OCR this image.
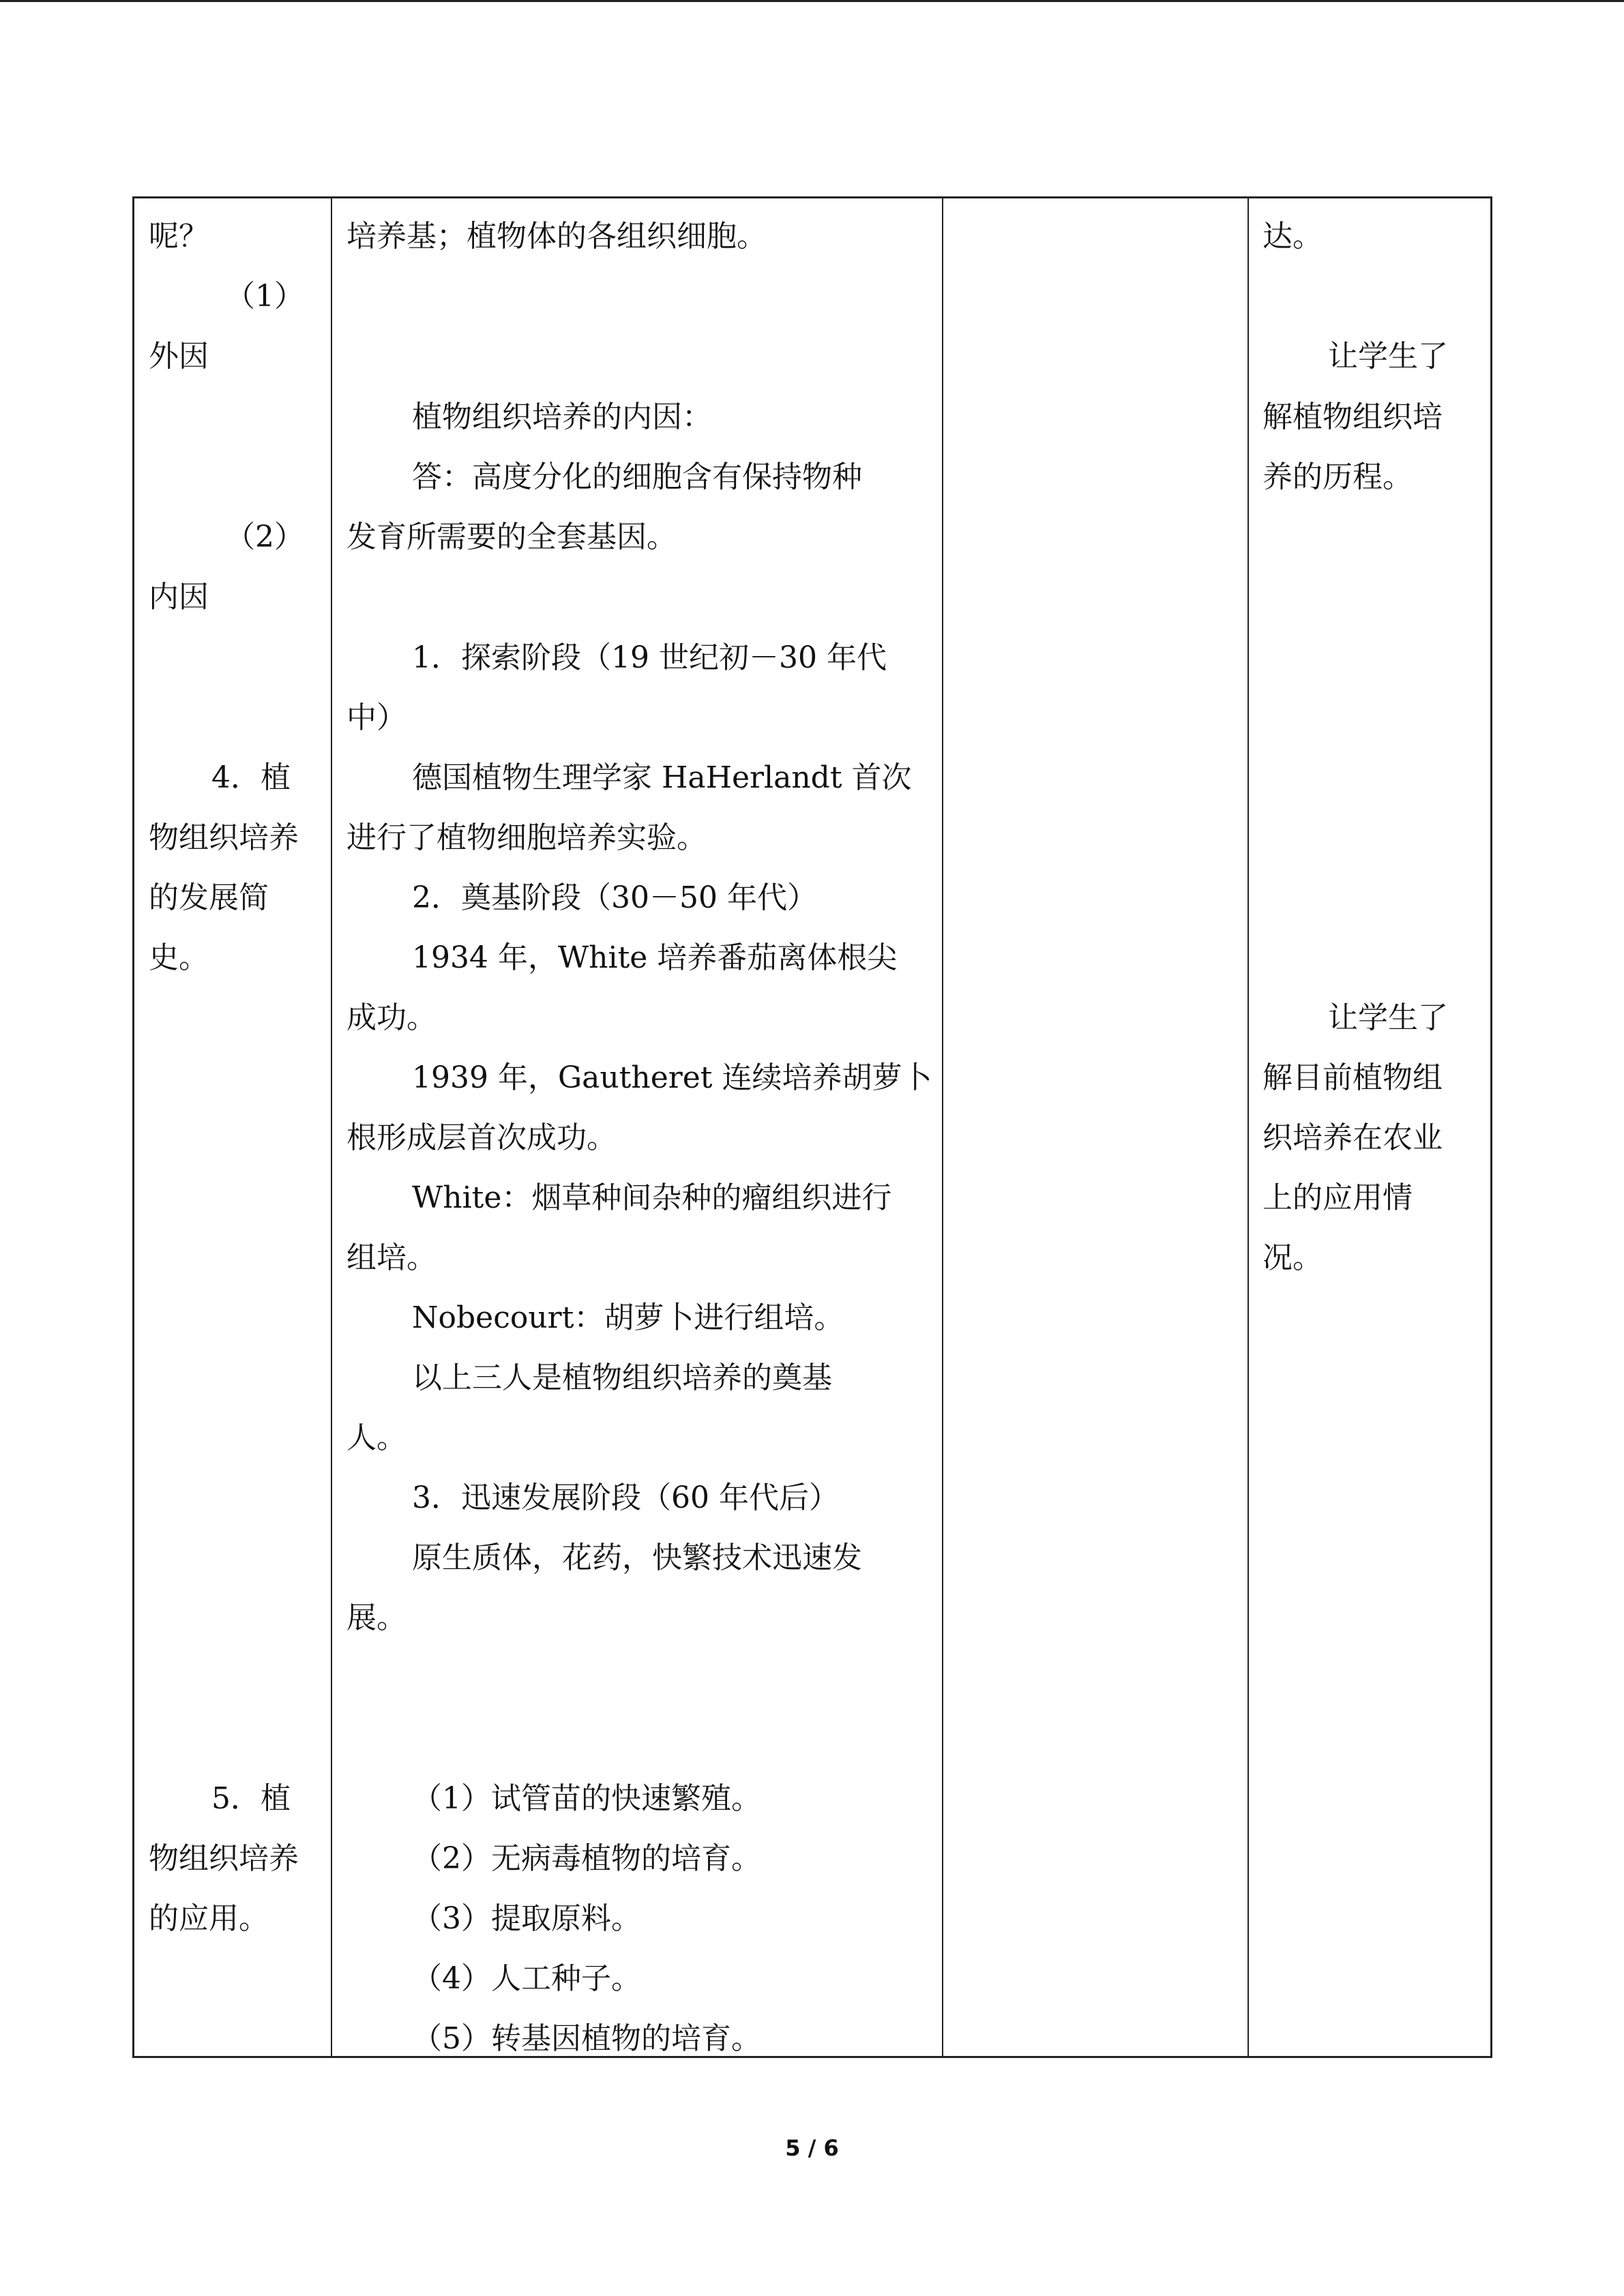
呢？
（1）
外因
（2）
内因
4．植
物组织培养
的发展简
史。
5．植
物组织培养
的应用。
培养基；植物体的各组织细胞。
植物组织培养的内因：
答：高度分化的细胞含有保持物种
发育所需要的全套基因。
1．探索阶段（19 世纪初－30 年代
中）
德国植物生理学家 HaHerlandt 首次
进行了植物细胞培养实验。
2．奠基阶段（30－50 年代）
1934 年，White 培养番茄离体根尖
成功。
1939 年，Gautheret 连续培养胡萝卜
根形成层首次成功。
White：烟草种间杂种的瘤组织进行
组培。
Nobecourt：胡萝卜进行组培。
以上三人是植物组织培养的奠基
人。
3．迅速发展阶段（60 年代后）
原生质体，花药，快繁技术迅速发
展。
（1）试管苗的快速繁殖。
（2）无病毒植物的培育。
（3）提取原料。
（4）人工种子。
（5）转基因植物的培育。
达。
让学生了
解植物组织培
养的历程。
让学生了
解目前植物组
织培养在农业
上的应用情
况。
5 / 6
